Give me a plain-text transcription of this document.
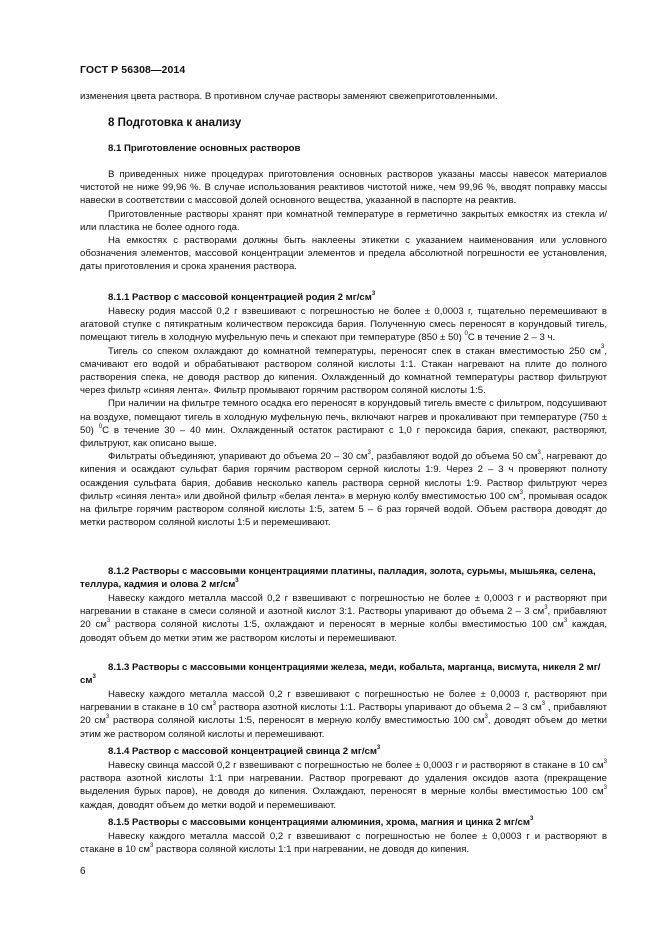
ГОСТ Р 56308—2014
изменения цвета раствора. В противном случае растворы заменяют свежеприготовленными.
8 Подготовка к анализу
8.1 Приготовление основных растворов

В приведенных ниже процедурах приготовления основных растворов указаны массы навесок материалов чистотой не ниже 99,96 %. В случае использования реактивов чистотой ниже, чем 99,96 %, вводят поправку массы навески в соответствии с массовой долей основного вещества, указанной в паспорте на реактив.

Приготовленные растворы хранят при комнатной температуре в герметично закрытых емкостях из стекла и/или пластика не более одного года.

На емкостях с растворами должны быть наклеены этикетки с указанием наименования или условного обозначения элементов, массовой концентрации элементов и предела абсолютной погрешности ее установления, даты приготовления и срока хранения раствора.

8.1.1 Раствор с массовой концентрацией родия 2 $мг/см^3$

Навеску родия массой 0,2 г взвешивают с погрешностью не более ± 0,0003 г, тщательно перемешивают в агатовой ступке с пятикратным количеством пероксида бария. Полученную смесь переносят в корундовый тигель, помещают тигель в холодную муфельную печь и спекают при температуре (850 ± 50) $^0$С в течение 2 – 3 ч.

Тигель со спеком охлаждают до комнатной температуры, переносят спек в стакан вместимостью 250 $см^3$, смачивают его водой и обрабатывают раствором соляной кислоты 1:1. Стакан нагревают на плите до полного растворения спека, не доводя раствор до кипения. Охлажденный до комнатной температуры раствор фильтруют через фильтр «синяя лента». Фильтр промывают горячим раствором соляной кислоты 1:5.

При наличии на фильтре темного осадка его переносят в корундовый тигель вместе с фильтром, подсушивают на воздухе, помещают тигель в холодную муфельную печь, включают нагрев и прокаливают при температуре (750 ± 50) $^0$С в течение 30 – 40 мин. Охлажденный остаток растирают с 1,0 г пероксида бария, спекают, растворяют, фильтруют, как описано выше.

Фильтраты объединяют, упаривают до объема 20 – 30 $см^3$, разбавляют водой до объема 50 $см^3$, нагревают до кипения и осаждают сульфат бария горячим раствором серной кислоты 1:9. Через 2 – 3 ч проверяют полноту осаждения сульфата бария, добавив несколько капель раствора серной кислоты 1:9. Раствор фильтруют через фильтр «синяя лента» или двойной фильтр «белая лента» в мерную колбу вместимостью 100 $см^3$, промывая осадок на фильтре горячим раствором соляной кислоты 1:5, затем 5 – 6 раз горячей водой. Объем раствора доводят до метки раствором соляной кислоты 1:5 и перемешивают.

8.1.2 Растворы с массовыми концентрациями платины, палладия, золота, сурьмы, мышьяка, селена, теллура, кадмия и олова 2 $мг/см^3$

Навеску каждого металла массой 0,2 г взвешивают с погрешностью не более ± 0,0003 г и растворяют при нагревании в стакане в смеси соляной и азотной кислот 3:1. Растворы упаривают до объема 2 – 3 $см^3$, прибавляют 20 $см^3$ раствора соляной кислоты 1:5, охлаждают и переносят в мерные колбы вместимостью 100 $см^3$ каждая, доводят объем до метки этим же раствором кислоты и перемешивают.

8.1.3 Растворы с массовыми концентрациями железа, меди, кобальта, марганца, висмута, никеля 2 $мг/см^3$

Навеску каждого металла массой 0,2 г взвешивают с погрешностью не более ± 0,0003 г, растворяют при нагревании в стакане в 10 $см^3$ раствора азотной кислоты 1:1. Растворы упаривают до объема 2 – 3 $см^3$ , прибавляют 20 $см^3$ раствора соляной кислоты 1:5, переносят в мерную колбу вместимостью 100 $см^3$, доводят объем до метки этим же раствором соляной кислоты и перемешивают.

8.1.4 Раствор с массовой концентрацией свинца 2 $мг/см^3$

Навеску свинца массой 0,2 г взвешивают с погрешностью не более ± 0,0003 г и растворяют в стакане в 10 $см^3$ раствора азотной кислоты 1:1 при нагревании. Раствор прогревают до удаления оксидов азота (прекращение выделения бурых паров), не доводя до кипения. Охлаждают, переносят в мерные колбы вместимостью 100 $см^3$ каждая, доводят объем до метки водой и перемешивают.

8.1.5 Растворы с массовыми концентрациями алюминия, хрома, магния и цинка 2 $мг/см^3$

Навеску каждого металла массой 0,2 г взвешивают с погрешностью не более ± 0,0003 г и растворяют в стакане в 10 $см^3$ раствора соляной кислоты 1:1 при нагревании, не доводя до кипения.

6
